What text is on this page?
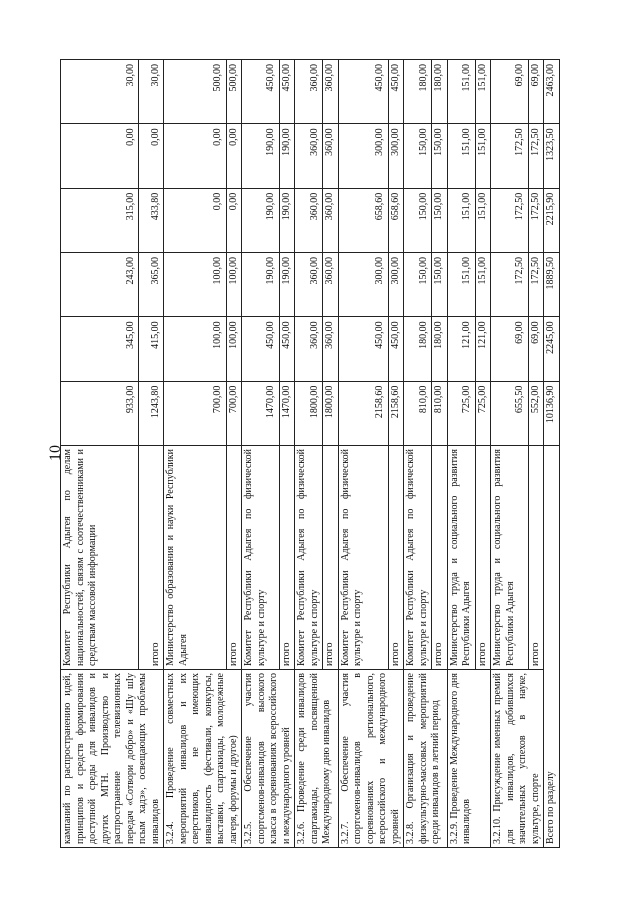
10
кампаний по распространению идей, принципов и средств формирования доступной среды для инвалидов и других МГН. Производство и распространение телевизионных передач «Сотвори добро» и «Шу шIу псым хадэ», освещающих проблемы инвалидов	Комитет Республики Адыгея по делам национальностей, связям с соотечественниками и средствам массовой информации	933,00	345,00	243,00	315,00	0,00	30,00
	итого	1243,80	415,00	365,00	433,80	0,00	30,00
3.2.4. Проведение совместных мероприятий инвалидов и их сверстников, не имеющих инвалидность (фестивали, конкурсы, выставки, спартакиады, молодежные лагеря, форумы и другое)	Министерство образования и науки Республики Адыгея	700,00	100,00	100,00	0,00	0,00	500,00
	итого	700,00	100,00	100,00	0,00	0,00	500,00
3.2.5. Обеспечение участия спортсменов-инвалидов высокого класса в соревнованиях всероссийского и международного уровней	Комитет Республики Адыгея по физической культуре и спорту	1470,00	450,00	190,00	190,00	190,00	450,00
	итого	1470,00	450,00	190,00	190,00	190,00	450,00
3.2.6. Проведение среди инвалидов спартакиады, посвященной Международному дню инвалидов	Комитет Республики Адыгея по физической культуре и спорту	1800,00	360,00	360,00	360,00	360,00	360,00
	итого	1800,00	360,00	360,00	360,00	360,00	360,00
3.2.7. Обеспечение участия спортсменов-инвалидов в соревнованиях регионального, всероссийского и международного уровней	Комитет Республики Адыгея по физической культуре и спорту	2158,60	450,00	300,00	658,60	300,00	450,00
	итого	2158,60	450,00	300,00	658,60	300,00	450,00
3.2.8. Организация и проведение физкультурно-массовых мероприятий среди инвалидов в летний период	Комитет Республики Адыгея по физической культуре и спорту	810,00	180,00	150,00	150,00	150,00	180,00
	итого	810,00	180,00	150,00	150,00	150,00	180,00
3.2.9. Проведение Международного дня инвалидов	Министерство труда и социального развития Республики Адыгея	725,00	121,00	151,00	151,00	151,00	151,00
	итого	725,00	121,00	151,00	151,00	151,00	151,00
3.2.10. Присуждение именных премий для инвалидов, добившихся значительных успехов в науке, культуре, спорте	Министерство труда и социального развития Республики Адыгея	655,50	69,00	172,50	172,50	172,50	69,00
	итого	552,00	69,00	172,50	172,50	172,50	69,00
Всего по разделу		10136,90	2245,00	1889,50	2215,90	1323,50	2463,00
